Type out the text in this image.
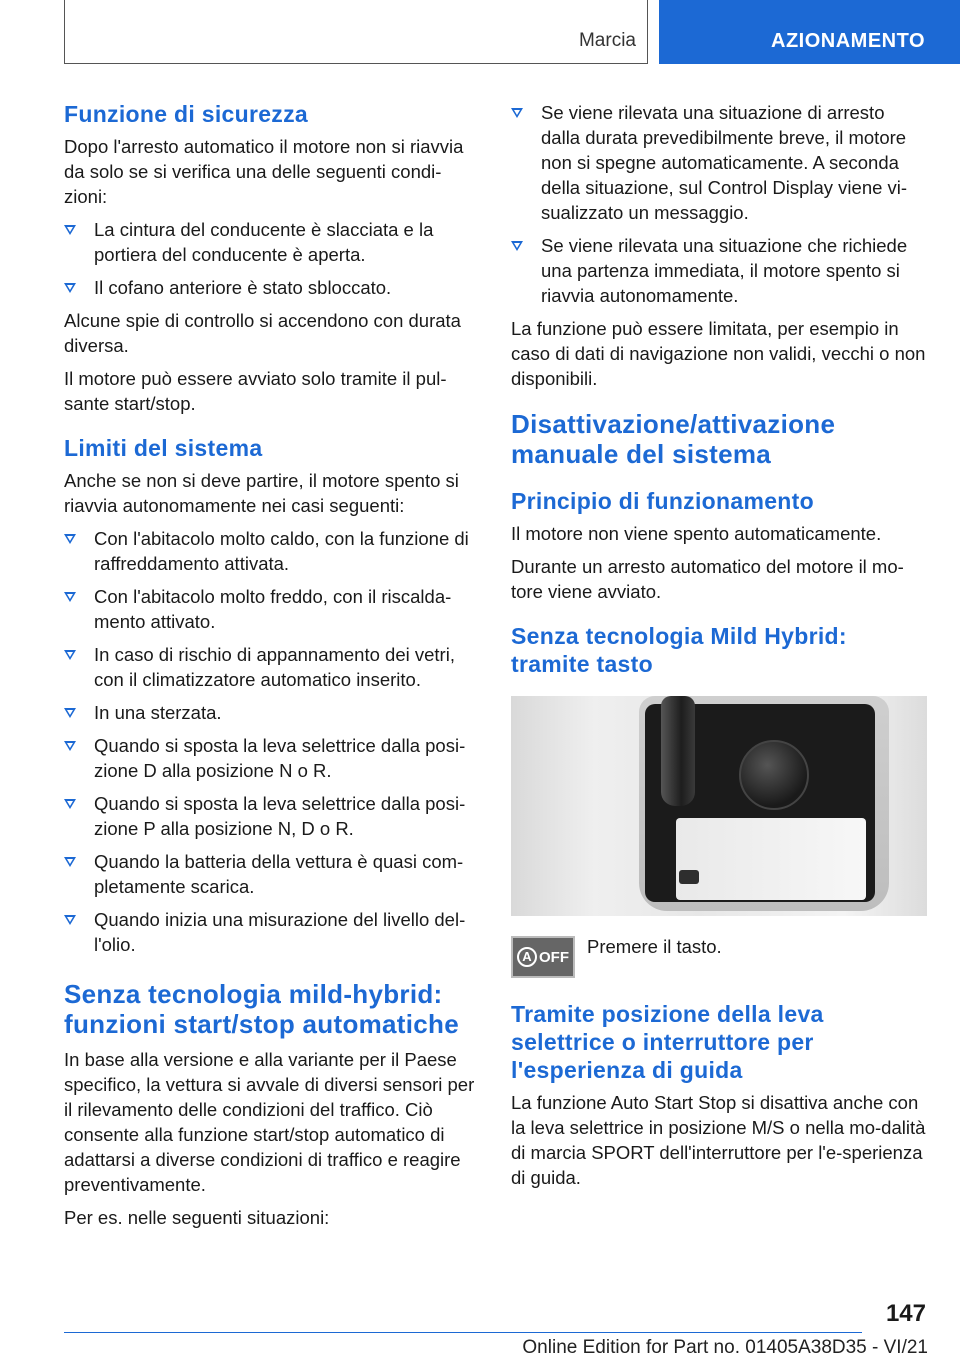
Marcia	AZIONAMENTO
Funzione di sicurezza

Dopo l'arresto automatico il motore non si riavvia da solo se si verifica una delle seguenti condi-zioni:

La cintura del conducente è slacciata e la portiera del conducente è aperta.
Il cofano anteriore è stato sbloccato.

Alcune spie di controllo si accendono con durata diversa.

Il motore può essere avviato solo tramite il pul-sante start/stop.

Limiti del sistema

Anche se non si deve partire, il motore spento si riavvia autonomamente nei casi seguenti:

Con l'abitacolo molto caldo, con la funzione di raffreddamento attivata.
Con l'abitacolo molto freddo, con il riscalda-mento attivato.
In caso di rischio di appannamento dei vetri, con il climatizzatore automatico inserito.
In una sterzata.
Quando si sposta la leva selettrice dalla posi-zione D alla posizione N o R.
Quando si sposta la leva selettrice dalla posi-zione P alla posizione N, D o R.
Quando la batteria della vettura è quasi com-pletamente scarica.
Quando inizia una misurazione del livello del-l'olio.
Senza tecnologia mild-hybrid: funzioni start/stop automatiche

In base alla versione e alla variante per il Paese specifico, la vettura si avvale di diversi sensori per il rilevamento delle condizioni del traffico. Ciò consente alla funzione start/stop automatico di adattarsi a diverse condizioni di traffico e reagire preventivamente.

Per es. nelle seguenti situazioni:

Se viene rilevata una situazione di arresto dalla durata prevedibilmente breve, il motore non si spegne automaticamente. A seconda della situazione, sul Control Display viene vi-sualizzato un messaggio.
Se viene rilevata una situazione che richiede una partenza immediata, il motore spento si riavvia autonomamente.

La funzione può essere limitata, per esempio in caso di dati di navigazione non validi, vecchi o non disponibili.

Disattivazione/attivazione manuale del sistema
Principio di funzionamento

Il motore non viene spento automaticamente.

Durante un arresto automatico del motore il mo-tore viene avviato.

Senza tecnologia Mild Hybrid: tramite tasto
A OFF Premere il tasto.
Tramite posizione della leva selettrice o interruttore per l'esperienza di guida

La funzione Auto Start Stop si disattiva anche con la leva selettrice in posizione M/S o nella mo-dalità di marcia SPORT dell'interruttore per l'e-sperienza di guida.

147
Online Edition for Part no. 01405A38D35 - VI/21
